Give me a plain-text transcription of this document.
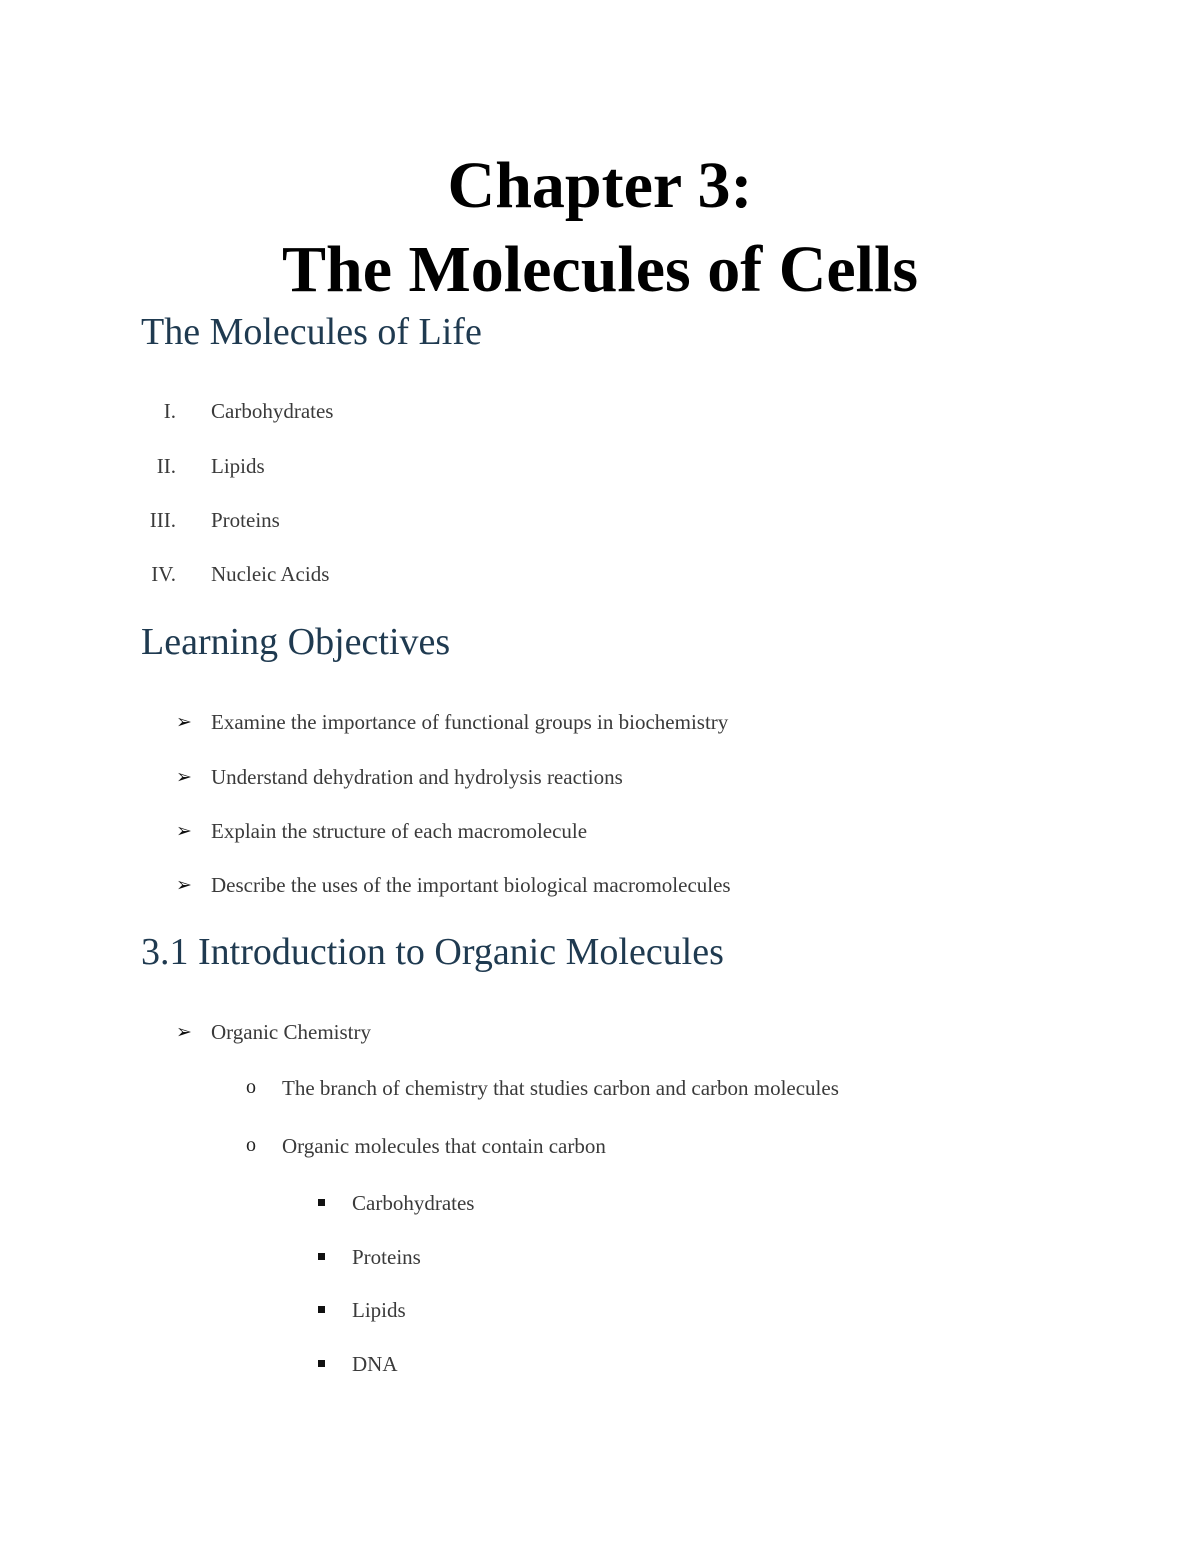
Chapter 3:
The Molecules of Cells
The Molecules of Life
I. Carbohydrates
II. Lipids
III. Proteins
IV. Nucleic Acids
Learning Objectives
➢ Examine the importance of functional groups in biochemistry
➢ Understand dehydration and hydrolysis reactions
➢ Explain the structure of each macromolecule
➢ Describe the uses of the important biological macromolecules
3.1 Introduction to Organic Molecules
➢ Organic Chemistry
o The branch of chemistry that studies carbon and carbon molecules
o Organic molecules that contain carbon
Carbohydrates
Proteins
Lipids
DNA
